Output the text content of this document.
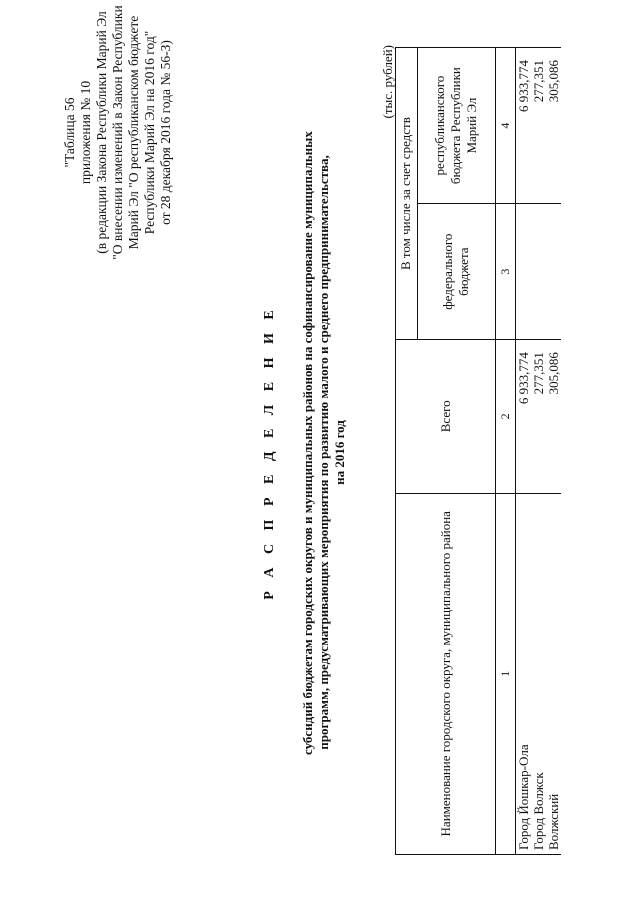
"Таблица 56 приложения № 10 (в редакции Закона Республики Марий Эл "О внесении изменений в Закон Республики Марий Эл "О республиканском бюджете Республики Марий Эл на 2016 год" от 28 декабря 2016 года № 56-З)
Р А С П Р Е Д Е Л Е Н И Е субсидий бюджетам городских округов и муниципальных районов на софинансирование муниципальных программ, предусматривающих мероприятия по развитию малого и среднего предпринимательства, на 2016 год
(тыс. рублей)
Наименование городского округа, муниципального района	Всего	В том числе за счет средств	
		федерального бюджета	республиканского бюджета Республики Марий Эл
1	2	3	4
Город Йошкар-Ола	6 933,774		6 933,774
Город Волжск	277,351		277,351
Волжский	305,086		305,086
